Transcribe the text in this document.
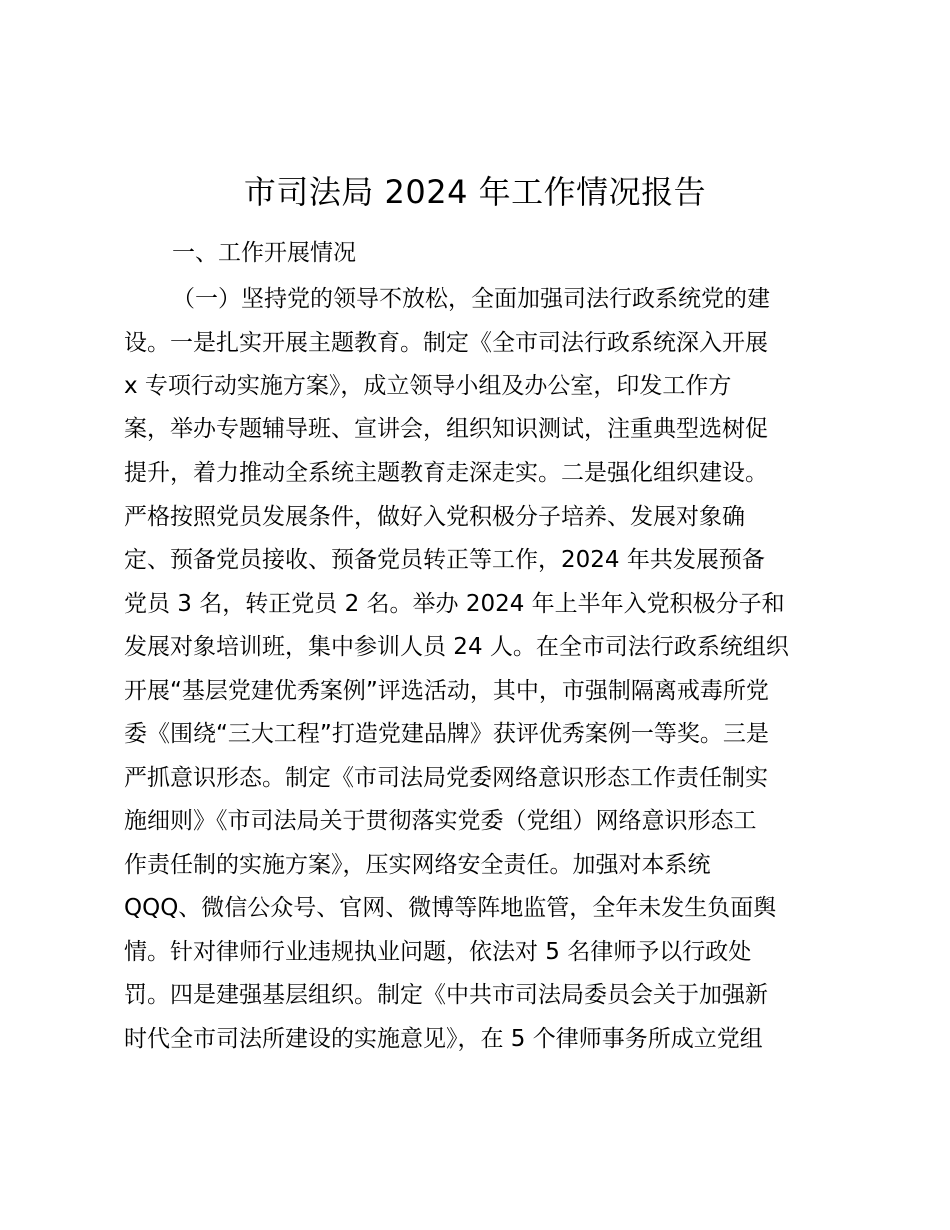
市司法局 2024 年工作情况报告
一、工作开展情况
（一）坚持党的领导不放松，全面加强司法行政系统党的建
设。一是扎实开展主题教育。制定《全市司法行政系统深入开展
x 专项行动实施方案》，成立领导小组及办公室，印发工作方
案，举办专题辅导班、宣讲会，组织知识测试，注重典型选树促
提升，着力推动全系统主题教育走深走实。二是强化组织建设。
严格按照党员发展条件，做好入党积极分子培养、发展对象确
定、预备党员接收、预备党员转正等工作，2024 年共发展预备
党员 3 名，转正党员 2 名。举办 2024 年上半年入党积极分子和
发展对象培训班，集中参训人员 24 人。在全市司法行政系统组织
开展“基层党建优秀案例”评选活动，其中，市强制隔离戒毒所党
委《围绕“三大工程”打造党建品牌》获评优秀案例一等奖。三是
严抓意识形态。制定《市司法局党委网络意识形态工作责任制实
施细则》《市司法局关于贯彻落实党委（党组）网络意识形态工
作责任制的实施方案》，压实网络安全责任。加强对本系统
QQQ、微信公众号、官网、微博等阵地监管，全年未发生负面舆
情。针对律师行业违规执业问题，依法对 5 名律师予以行政处
罚。四是建强基层组织。制定《中共市司法局委员会关于加强新
时代全市司法所建设的实施意见》，在 5 个律师事务所成立党组
